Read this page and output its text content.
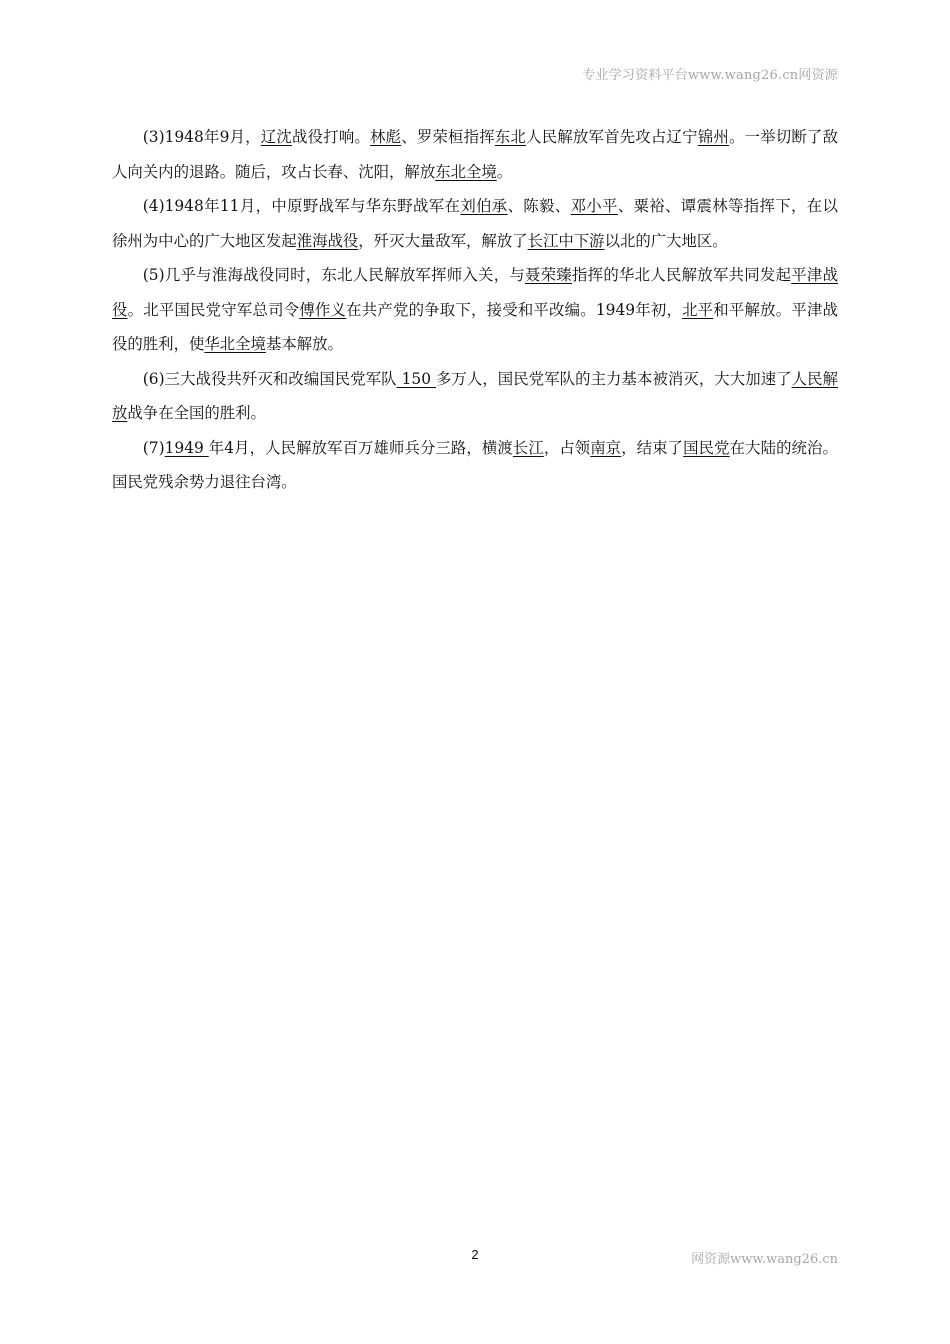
专业学习资料平台www.wang26.cn网资源

(3)1948年9月，辽沈战役打响。林彪、罗荣桓指挥东北人民解放军首先攻占辽宁锦州。一举切断了敌人向关内的退路。随后，攻占长春、沈阳，解放东北全境。

(4)1948年11月，中原野战军与华东野战军在刘伯承、陈毅、邓小平、粟裕、谭震林等指挥下，在以徐州为中心的广大地区发起淮海战役，歼灭大量敌军，解放了长江中下游以北的广大地区。

(5)几乎与淮海战役同时，东北人民解放军挥师入关，与聂荣臻指挥的华北人民解放军共同发起平津战役。北平国民党守军总司令傅作义在共产党的争取下，接受和平改编。1949年初，北平和平解放。平津战役的胜利，使华北全境基本解放。

(6)三大战役共歼灭和改编国民党军队 150 多万人，国民党军队的主力基本被消灭，大大加速了人民解放战争在全国的胜利。

(7)1949 年4月，人民解放军百万雄师兵分三路，横渡长江，占领南京，结束了国民党在大陆的统治。国民党残余势力退往台湾。

2	网资源www.wang26.cn
